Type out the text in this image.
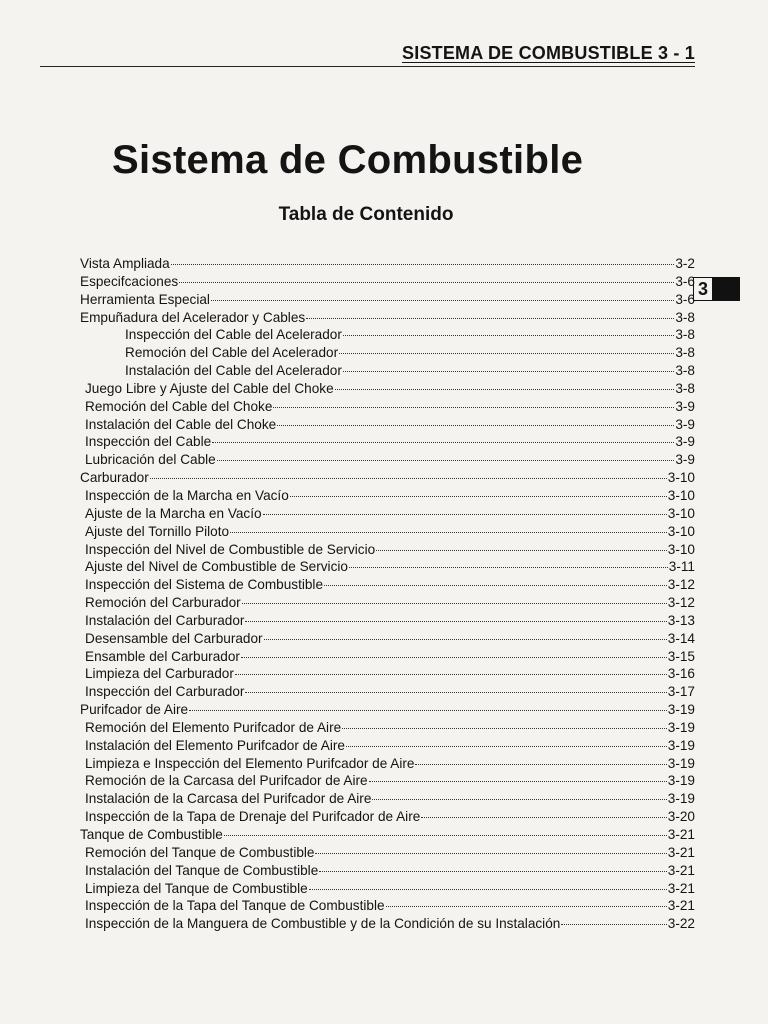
SISTEMA DE COMBUSTIBLE 3 - 1
Sistema de Combustible
Tabla de Contenido
3
Vista Ampliada	3-2
Especifcaciones	3-6
Herramienta Especial	3-6
Empuñadura del Acelerador y Cables	3-8
Inspección del Cable del Acelerador	3-8
Remoción del Cable del Acelerador	3-8
Instalación del Cable del Acelerador	3-8
Juego Libre y Ajuste del Cable del Choke	3-8
Remoción del Cable del Choke	3-9
Instalación del Cable del Choke	3-9
Inspección del Cable	3-9
Lubricación del Cable	3-9
Carburador	3-10
Inspección de la Marcha en Vacío	3-10
Ajuste de la Marcha en Vacío	3-10
Ajuste del Tornillo Piloto	3-10
Inspección del Nivel de Combustible de Servicio	3-10
Ajuste del Nivel de Combustible de Servicio	3-11
Inspección del Sistema de Combustible	3-12
Remoción del Carburador	3-12
Instalación del Carburador	3-13
Desensamble del Carburador	3-14
Ensamble del Carburador	3-15
Limpieza del Carburador	3-16
Inspección del Carburador	3-17
Purifcador de Aire	3-19
Remoción del Elemento Purifcador de Aire	3-19
Instalación del Elemento Purifcador de Aire	3-19
Limpieza e Inspección del Elemento Purifcador de Aire	3-19
Remoción de la Carcasa del Purifcador de Aire	3-19
Instalación de la Carcasa del Purifcador de Aire	3-19
Inspección de la Tapa de Drenaje del Purifcador de Aire	3-20
Tanque de Combustible	3-21
Remoción del Tanque de Combustible	3-21
Instalación del Tanque de Combustible	3-21
Limpieza del Tanque de Combustible	3-21
Inspección de la Tapa del Tanque de Combustible	3-21
Inspección de la Manguera de Combustible y de la Condición de su Instalación	3-22
